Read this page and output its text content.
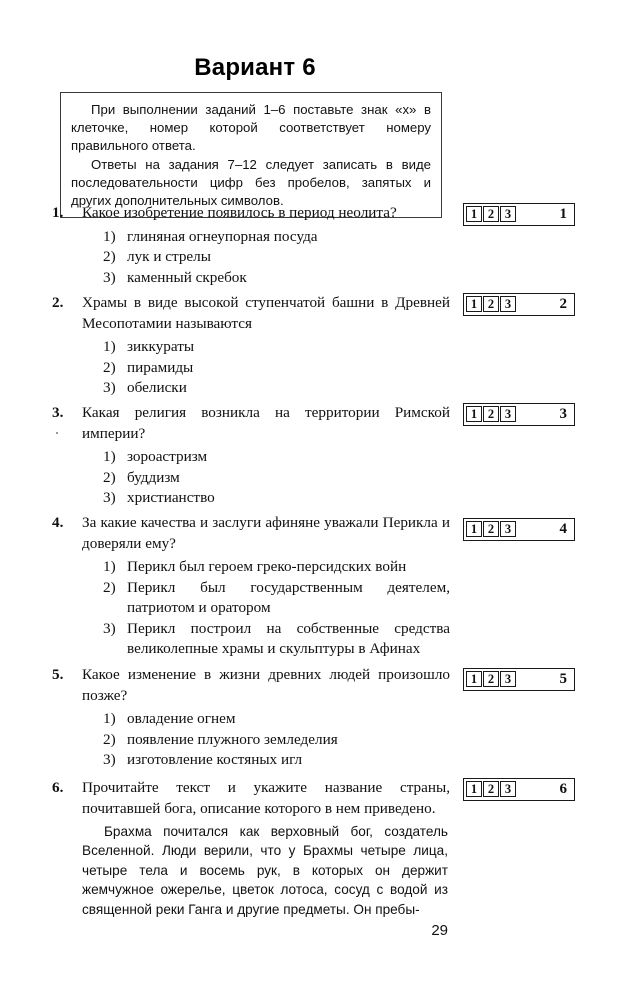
Вариант 6

При выполнении заданий 1–6 поставьте знак «х» в клеточке, номер которой соответствует номеру правильного ответа.

Ответы на задания 7–12 следует записать в виде последовательности цифр без пробелов, запятых и других дополнительных символов.

1. Какое изобретение появилось в период неолита?
1) глиняная огнеупорная посуда
2) лук и стрелы
3) каменный скребок
1 2 3	1
2. Храмы в виде высокой ступенчатой башни в Древней Месопотамии называются
1) зиккураты
2) пирамиды
3) обелиски
1 2 3	2
3. Какая религия возникла на территории Римской империи?
1) зороастризм
2) буддизм
3) христианство
1 2 3	3
4. За какие качества и заслуги афиняне уважали Перикла и доверяли ему?
1) Перикл был героем греко-персидских войн
2) Перикл был государственным деятелем, патриотом и оратором
3) Перикл построил на собственные средства великолепные храмы и скульптуры в Афинах
1 2 3	4
5. Какое изменение в жизни древних людей произошло позже?
1) овладение огнем
2) появление плужного земледелия
3) изготовление костяных игл
1 2 3	5
6. Прочитайте текст и укажите название страны, почитавшей бога, описание которого в нем приведено.
1 2 3	6
Брахма почитался как верховный бог, создатель Вселенной. Люди верили, что у Брахмы четыре лица, четыре тела и восемь рук, в которых он держит жемчужное ожерелье, цветок лотоса, сосуд с водой из священной реки Ганга и другие предметы. Он пребы-
29
